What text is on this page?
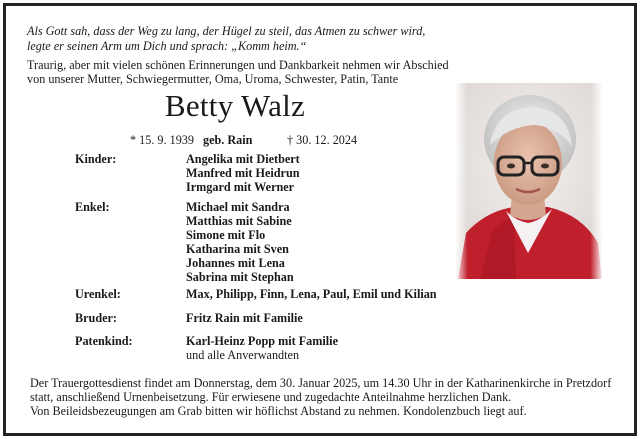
Als Gott sah, dass der Weg zu lang, der Hügel zu steil, das Atmen zu schwer wird,
legte er seinen Arm um Dich und sprach: „Komm heim.“
Traurig, aber mit vielen schönen Erinnerungen und Dankbarkeit nehmen wir Abschied
von unserer Mutter, Schwiegermutter, Oma, Uroma, Schwester, Patin, Tante
Betty Walz
* 15. 9. 1939 geb. Rain	† 30. 12. 2024
Kinder:	Angelika mit Dietbert
Manfred mit Heidrun
Irmgard mit Werner
Enkel:	Michael mit Sandra
Matthias mit Sabine
Simone mit Flo
Katharina mit Sven
Johannes mit Lena
Sabrina mit Stephan
Urenkel:	Max, Philipp, Finn, Lena, Paul, Emil und Kilian
Bruder:	Fritz Rain mit Familie
Patenkind:	Karl-Heinz Popp mit Familie
und alle Anverwandten
Der Trauergottesdienst findet am Donnerstag, dem 30. Januar 2025, um 14.30 Uhr in der Katharinenkirche in Pretzdorf
statt, anschließend Urnenbeisetzung. Für erwiesene und zugedachte Anteilnahme herzlichen Dank.
Von Beileidsbezeugungen am Grab bitten wir höflichst Abstand zu nehmen. Kondolenzbuch liegt auf.
